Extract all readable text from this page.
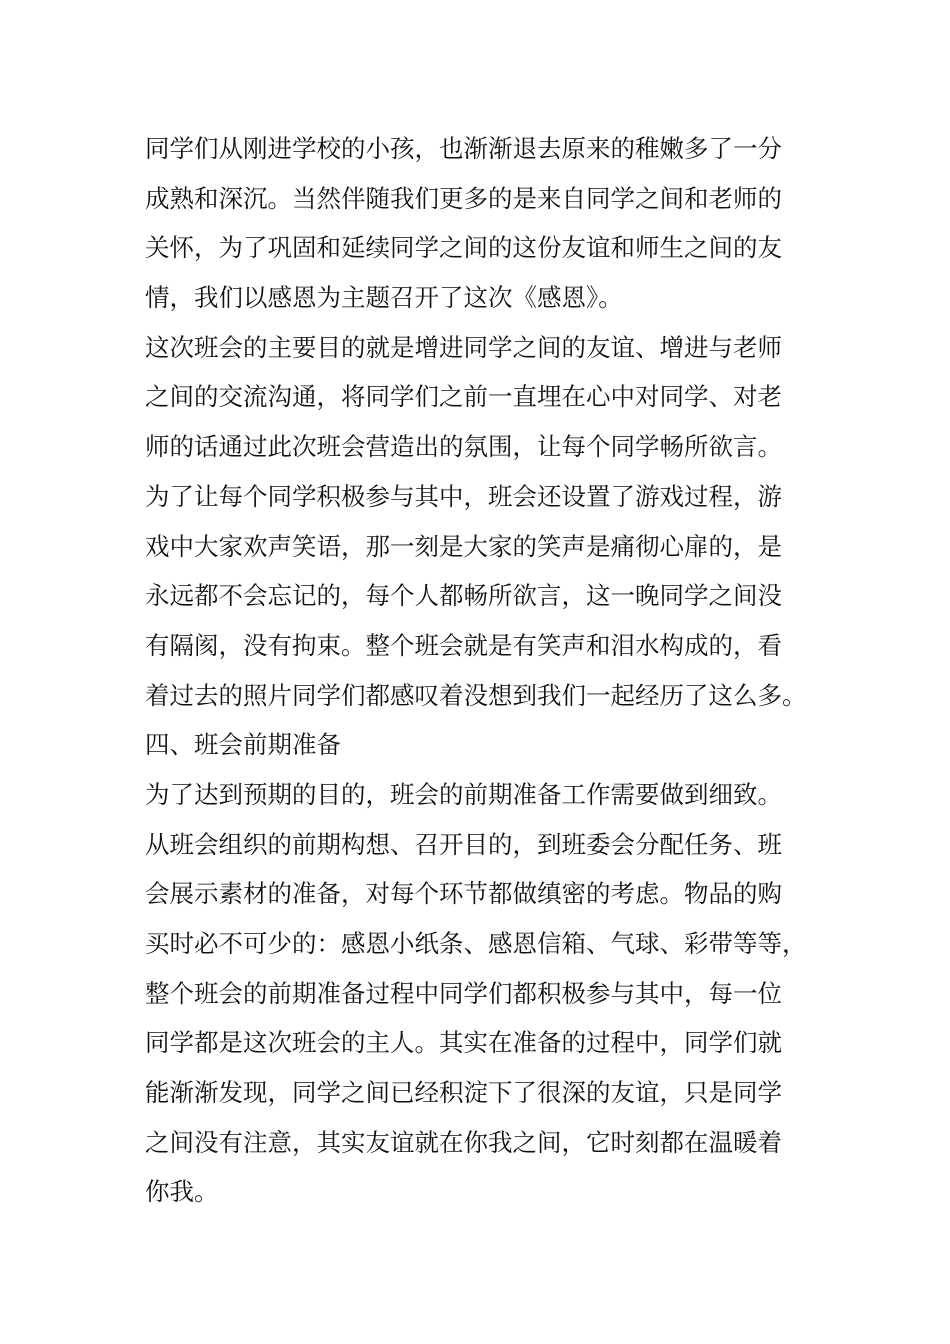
同学们从刚进学校的小孩，也渐渐退去原来的稚嫩多了一分
成熟和深沉。当然伴随我们更多的是来自同学之间和老师的
关怀，为了巩固和延续同学之间的这份友谊和师生之间的友
情，我们以感恩为主题召开了这次《感恩》。
这次班会的主要目的就是增进同学之间的友谊、增进与老师
之间的交流沟通，将同学们之前一直埋在心中对同学、对老
师的话通过此次班会营造出的氛围，让每个同学畅所欲言。
为了让每个同学积极参与其中，班会还设置了游戏过程，游
戏中大家欢声笑语，那一刻是大家的笑声是痛彻心扉的，是
永远都不会忘记的，每个人都畅所欲言，这一晚同学之间没
有隔阂，没有拘束。整个班会就是有笑声和泪水构成的，看
着过去的照片同学们都感叹着没想到我们一起经历了这么多。
四、班会前期准备
为了达到预期的目的，班会的前期准备工作需要做到细致。
从班会组织的前期构想、召开目的，到班委会分配任务、班
会展示素材的准备，对每个环节都做缜密的考虑。物品的购
买时必不可少的：感恩小纸条、感恩信箱、气球、彩带等等，
整个班会的前期准备过程中同学们都积极参与其中，每一位
同学都是这次班会的主人。其实在准备的过程中，同学们就
能渐渐发现，同学之间已经积淀下了很深的友谊，只是同学
之间没有注意，其实友谊就在你我之间，它时刻都在温暖着
你我。
